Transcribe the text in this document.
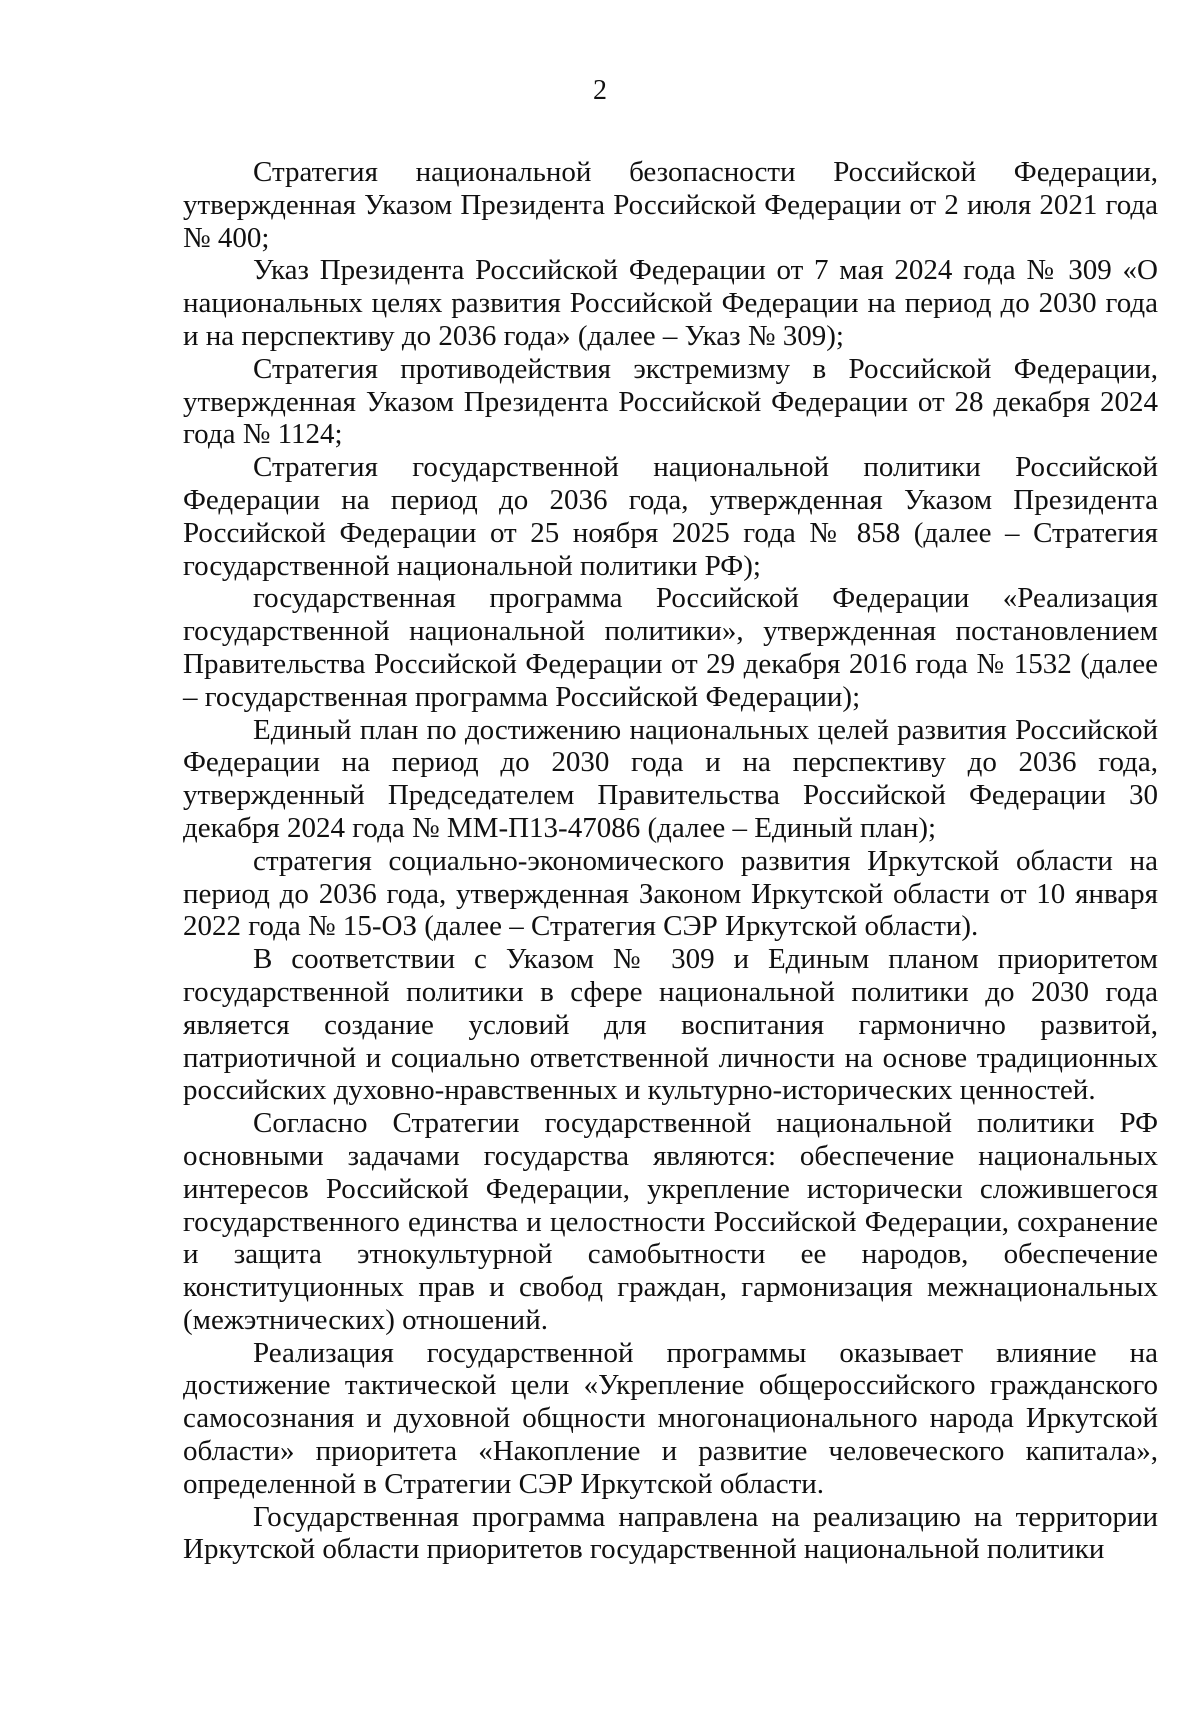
2

Стратегия национальной безопасности Российской Федерации, утвержденная Указом Президента Российской Федерации от 2 июля 2021 года № 400;

Указ Президента Российской Федерации от 7 мая 2024 года № 309 «О национальных целях развития Российской Федерации на период до 2030 года и на перспективу до 2036 года» (далее – Указ № 309);

Стратегия противодействия экстремизму в Российской Федерации, утвержденная Указом Президента Российской Федерации от 28 декабря 2024 года № 1124;

Стратегия государственной национальной политики Российской Федерации на период до 2036 года, утвержденная Указом Президента Российской Федерации от 25 ноября 2025 года № 858 (далее – Стратегия государственной национальной политики РФ);

государственная программа Российской Федерации «Реализация государственной национальной политики», утвержденная постановлением Правительства Российской Федерации от 29 декабря 2016 года № 1532 (далее – государственная программа Российской Федерации);

Единый план по достижению национальных целей развития Российской Федерации на период до 2030 года и на перспективу до 2036 года, утвержденный Председателем Правительства Российской Федерации 30 декабря 2024 года № ММ-П13-47086 (далее – Единый план);

стратегия социально-экономического развития Иркутской области на период до 2036 года, утвержденная Законом Иркутской области от 10 января 2022 года № 15-ОЗ (далее – Стратегия СЭР Иркутской области).

В соответствии с Указом № 309 и Единым планом приоритетом государственной политики в сфере национальной политики до 2030 года является создание условий для воспитания гармонично развитой, патриотичной и социально ответственной личности на основе традиционных российских духовно-нравственных и культурно-исторических ценностей.

Согласно Стратегии государственной национальной политики РФ основными задачами государства являются: обеспечение национальных интересов Российской Федерации, укрепление исторически сложившегося государственного единства и целостности Российской Федерации, сохранение и защита этнокультурной самобытности ее народов, обеспечение конституционных прав и свобод граждан, гармонизация межнациональных (межэтнических) отношений.

Реализация государственной программы оказывает влияние на достижение тактической цели «Укрепление общероссийского гражданского самосознания и духовной общности многонационального народа Иркутской области» приоритета «Накопление и развитие человеческого капитала», определенной в Стратегии СЭР Иркутской области.

Государственная программа направлена на реализацию на территории Иркутской области приоритетов государственной национальной политики
